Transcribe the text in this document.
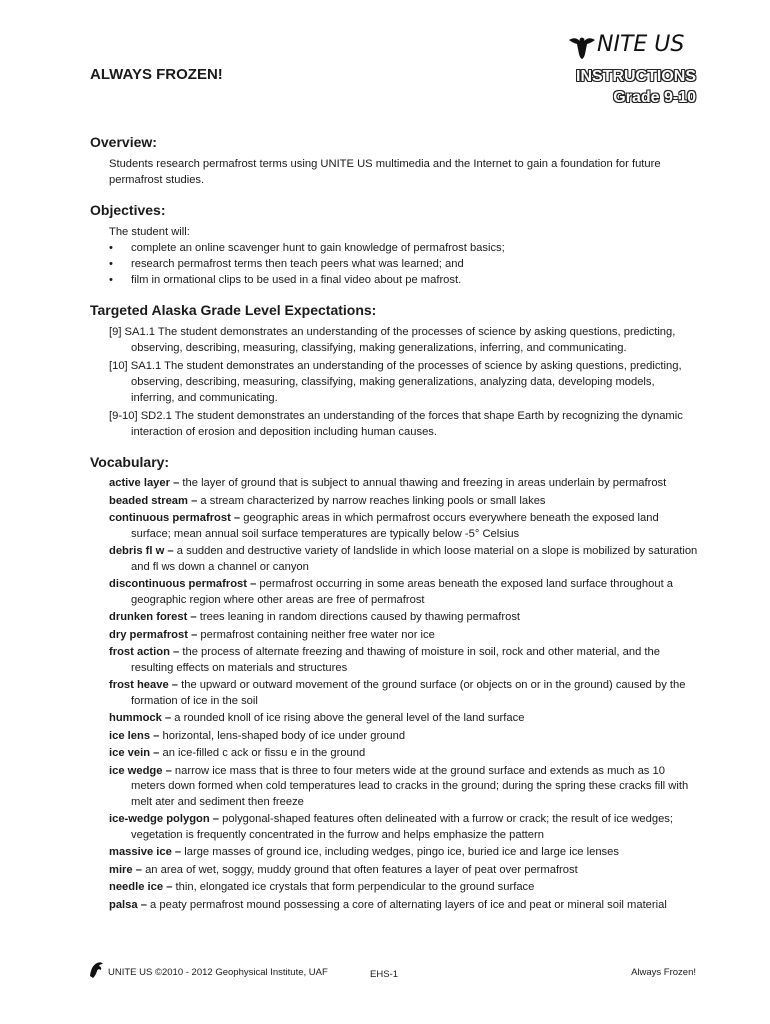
NITE US
INSTRUCTIONS
Grade 9-10
ALWAYS FROZEN!
Overview:
Students research permafrost terms using UNITE US multimedia and the Internet to gain a foundation for future permafrost studies.
Objectives:
The student will:
• complete an online scavenger hunt to gain knowledge of permafrost basics;
• research permafrost terms then teach peers what was learned; and
• film in ormational clips to be used in a final video about pe mafrost.
Targeted Alaska Grade Level Expectations:
[9] SA1.1 The student demonstrates an understanding of the processes of science by asking questions, predicting, observing, describing, measuring, classifying, making generalizations, inferring, and communicating.
[10] SA1.1 The student demonstrates an understanding of the processes of science by asking questions, predicting, observing, describing, measuring, classifying, making generalizations, analyzing data, developing models, inferring, and communicating.
[9-10] SD2.1 The student demonstrates an understanding of the forces that shape Earth by recognizing the dynamic interaction of erosion and deposition including human causes.
Vocabulary:
active layer – the layer of ground that is subject to annual thawing and freezing in areas underlain by permafrost
beaded stream – a stream characterized by narrow reaches linking pools or small lakes
continuous permafrost – geographic areas in which permafrost occurs everywhere beneath the exposed land surface; mean annual soil surface temperatures are typically below -5° Celsius
debris fl w – a sudden and destructive variety of landslide in which loose material on a slope is mobilized by saturation and fl ws down a channel or canyon
discontinuous permafrost – permafrost occurring in some areas beneath the exposed land surface throughout a geographic region where other areas are free of permafrost
drunken forest – trees leaning in random directions caused by thawing permafrost
dry permafrost – permafrost containing neither free water nor ice
frost action – the process of alternate freezing and thawing of moisture in soil, rock and other material, and the resulting effects on materials and structures
frost heave – the upward or outward movement of the ground surface (or objects on or in the ground) caused by the formation of ice in the soil
hummock – a rounded knoll of ice rising above the general level of the land surface
ice lens – horizontal, lens-shaped body of ice under ground
ice vein – an ice-filled c ack or fissu e in the ground
ice wedge – narrow ice mass that is three to four meters wide at the ground surface and extends as much as 10 meters down formed when cold temperatures lead to cracks in the ground; during the spring these cracks fill with melt ater and sediment then freeze
ice-wedge polygon – polygonal-shaped features often delineated with a furrow or crack; the result of ice wedges; vegetation is frequently concentrated in the furrow and helps emphasize the pattern
massive ice – large masses of ground ice, including wedges, pingo ice, buried ice and large ice lenses
mire – an area of wet, soggy, muddy ground that often features a layer of peat over permafrost
needle ice – thin, elongated ice crystals that form perpendicular to the ground surface
palsa – a peaty permafrost mound possessing a core of alternating layers of ice and peat or mineral soil material
UNITE US ©2010 - 2012 Geophysical Institute, UAF	EHS-1	Always Frozen!
